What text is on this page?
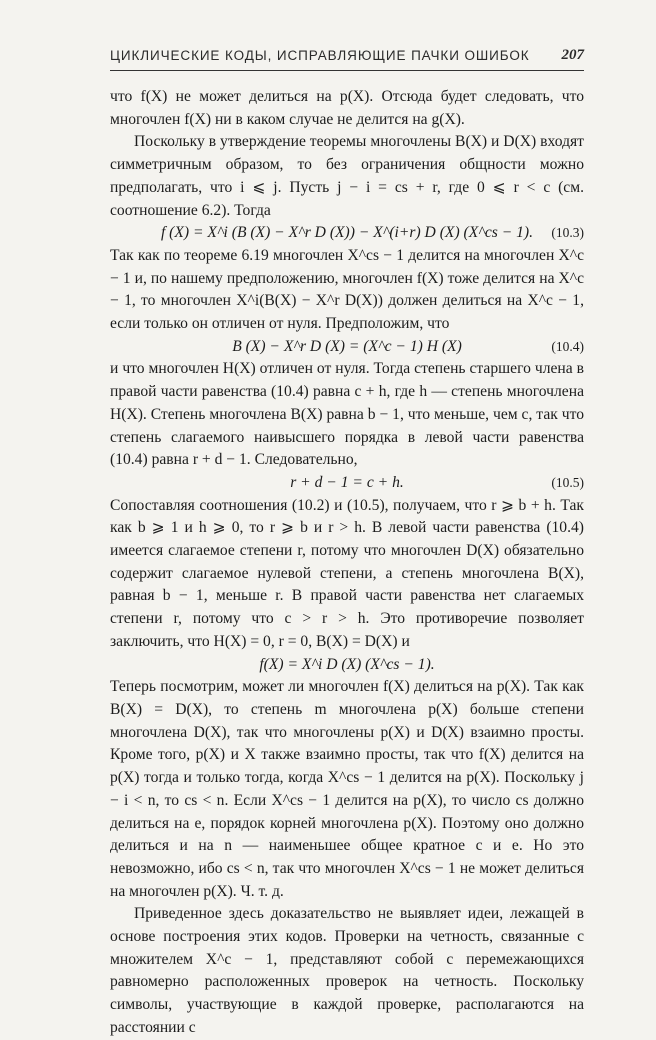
ЦИКЛИЧЕСКИЕ КОДЫ, ИСПРАВЛЯЮЩИЕ ПАЧКИ ОШИБОК 207

что f(X) не может делиться на p(X). Отсюда будет следовать, что многочлен f(X) ни в каком случае не делится на g(X).

Поскольку в утверждение теоремы многочлены B(X) и D(X) входят симметричным образом, то без ограничения общности можно предполагать, что i ⩽ j. Пусть j − i = cs + r, где 0 ⩽ r < c (см. соотношение 6.2). Тогда

f (X) = X^i (B (X) − X^r D (X)) − X^(i+r) D (X) (X^cs − 1). (10.3)

Так как по теореме 6.19 многочлен X^cs − 1 делится на многочлен X^c − 1 и, по нашему предположению, многочлен f(X) тоже делится на X^c − 1, то многочлен X^i(B(X) − X^r D(X)) должен делиться на X^c − 1, если только он отличен от нуля. Предположим, что

B (X) − X^r D (X) = (X^c − 1) H (X)	(10.4)

и что многочлен H(X) отличен от нуля. Тогда степень старшего члена в правой части равенства (10.4) равна c + h, где h — степень многочлена H(X). Степень многочлена B(X) равна b − 1, что меньше, чем c, так что степень слагаемого наивысшего порядка в левой части равенства (10.4) равна r + d − 1. Следовательно,

r + d − 1 = c + h.	(10.5)

Сопоставляя соотношения (10.2) и (10.5), получаем, что r ⩾ b + h. Так как b ⩾ 1 и h ⩾ 0, то r ⩾ b и r > h. В левой части равенства (10.4) имеется слагаемое степени r, потому что многочлен D(X) обязательно содержит слагаемое нулевой степени, а степень многочлена B(X), равная b − 1, меньше r. В правой части равенства нет слагаемых степени r, потому что c > r > h. Это противоречие позволяет заключить, что H(X) = 0, r = 0, B(X) = D(X) и

f(X) = X^i D (X) (X^cs − 1).

Теперь посмотрим, может ли многочлен f(X) делиться на p(X). Так как B(X) = D(X), то степень m многочлена p(X) больше степени многочлена D(X), так что многочлены p(X) и D(X) взаимно просты. Кроме того, p(X) и X также взаимно просты, так что f(X) делится на p(X) тогда и только тогда, когда X^cs − 1 делится на p(X). Поскольку j − i < n, то cs < n. Если X^cs − 1 делится на p(X), то число cs должно делиться на e, порядок корней многочлена p(X). Поэтому оно должно делиться и на n — наименьшее общее кратное c и e. Но это невозможно, ибо cs < n, так что многочлен X^cs − 1 не может делиться на многочлен p(X). Ч. т. д.

Приведенное здесь доказательство не выявляет идеи, лежащей в основе построения этих кодов. Проверки на четность, связанные с множителем X^c − 1, представляют собой c перемежающихся равномерно расположенных проверок на четность. Поскольку символы, участвующие в каждой проверке, располагаются на расстоянии c
